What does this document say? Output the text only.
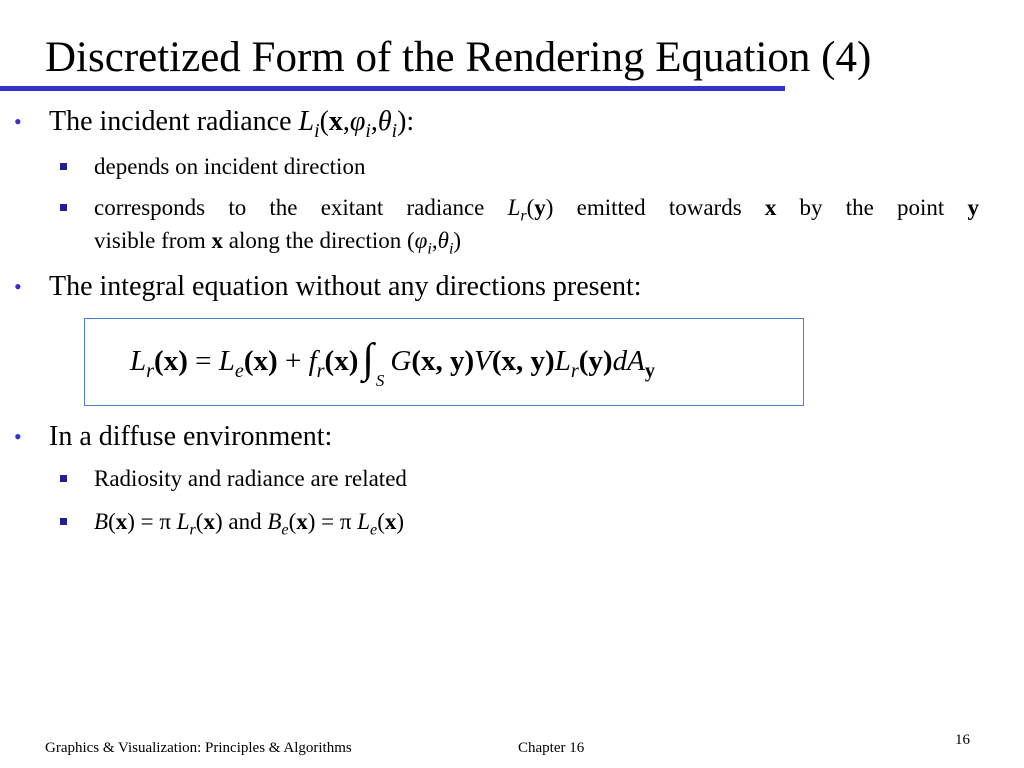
Discretized Form of the Rendering Equation (4)
• The incident radiance $L_i(x,\varphi_i,\theta_i)$:
depends on incident direction
corresponds to the exitant radiance $L_r(y)$ emitted towards x by the point y
visible from x along the direction $(\varphi_i,\theta_i)$
• The integral equation without any directions present:
$L_r(x) = L_e(x) + f_r(x)\int$ $_S$G(x, y)V(x, $y)L_r(y)dA_y$
• In a diffuse environment:
Radiosity and radiance are related
B(x) = π $L_r(x)$ and $B_e(x) = \pi$ $L_e(x)$
Graphics & Visualization: Principles & Algorithms	Chapter 16	16
